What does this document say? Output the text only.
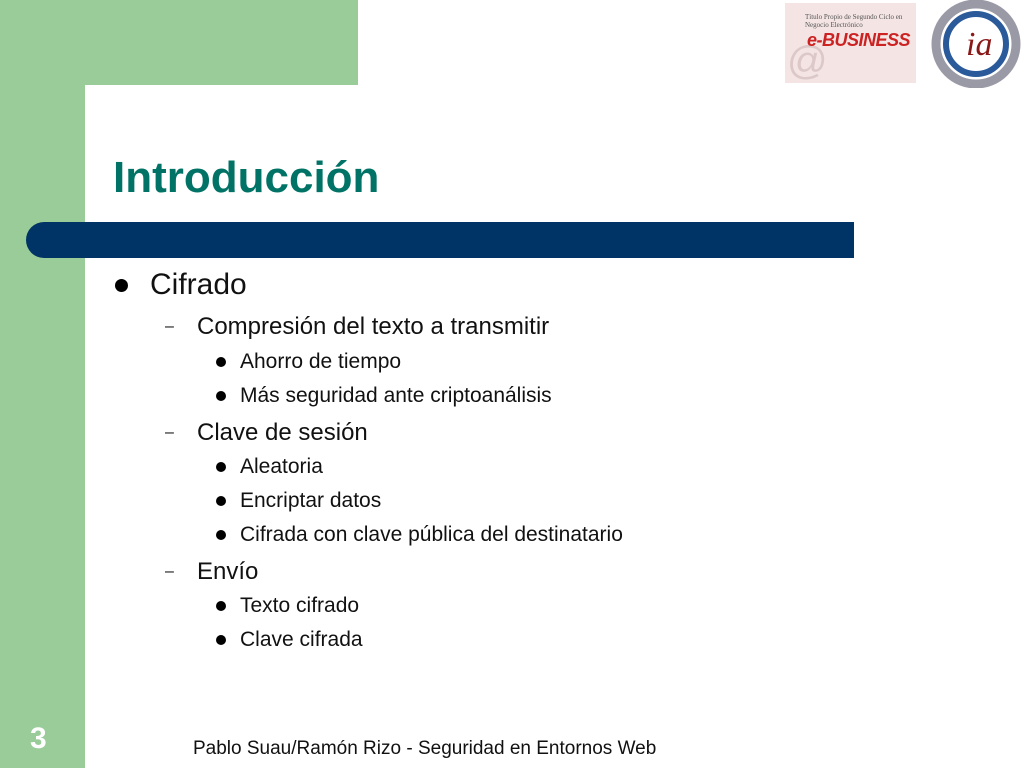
@
Título Propio de Segundo Ciclo en Negocio Electrónico
e-BUSINESS ia
Introducción
Cifrado
– Compresión del texto a transmitir
Ahorro de tiempo
Más seguridad ante criptoanálisis
– Clave de sesión
Aleatoria
Encriptar datos
Cifrada con clave pública del destinatario
– Envío
Texto cifrado
Clave cifrada
3	Pablo Suau/Ramón Rizo - Seguridad en Entornos Web
